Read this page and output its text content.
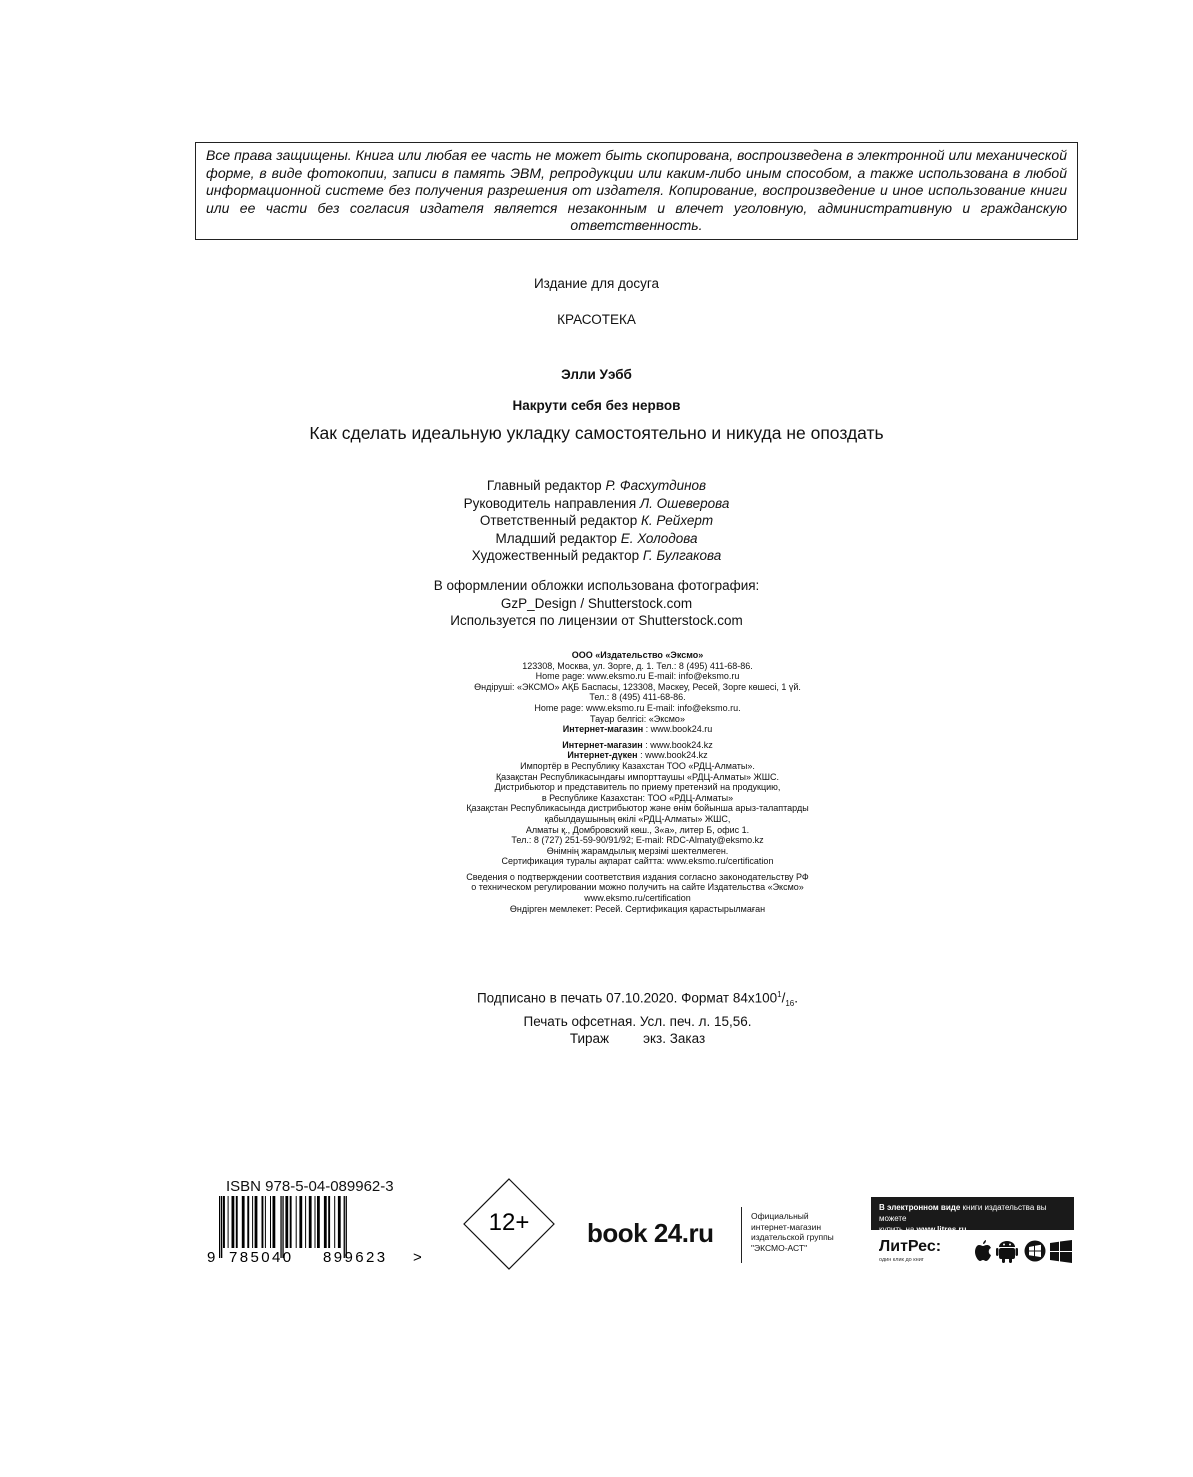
Все права защищены. Книга или любая ее часть не может быть скопирована, воспроизведена в электронной или механической форме, в виде фотокопии, записи в память ЭВМ, репродукции или каким-либо иным способом, а также использована в любой информационной системе без получения разрешения от издателя. Копирование, воспроизведение и иное использование книги или ее части без согласия издателя является незаконным и влечет уголовную, административную и гражданскую ответственность.

Издание для досуга
КРАСОТЕКА
Элли Уэбб
Накрути себя без нервов
Как сделать идеальную укладку самостоятельно и никуда не опоздать
Главный редактор Р. Фасхутдинов
Руководитель направления Л. Ошеверова
Ответственный редактор К. Рейхерт
Младший редактор Е. Холодова
Художественный редактор Г. Булгакова
В оформлении обложки использована фотография:
GzP_Design / Shutterstock.com
Используется по лицензии от Shutterstock.com
ООО «Издательство «Эксмо»
123308, Москва, ул. Зорге, д. 1. Тел.: 8 (495) 411-68-86.
Home page: www.eksmo.ru E-mail: info@eksmo.ru
Өндіруші: «ЭКСМО» АҚБ Баспасы, 123308, Мәскеу, Ресей, Зорге көшесі, 1 үй.
Тел.: 8 (495) 411-68-86.
Home page: www.eksmo.ru E-mail: info@eksmo.ru.
Тауар белгісі: «Эксмо»
Интернет-магазин : www.book24.ru
Интернет-магазин : www.book24.kz
Интернет-дүкен : www.book24.kz
Импортёр в Республику Казахстан ТОО «РДЦ-Алматы».
Қазақстан Республикасындағы импорттаушы «РДЦ-Алматы» ЖШС.
Дистрибьютор и представитель по приему претензий на продукцию,
в Республике Казахстан: ТОО «РДЦ-Алматы»
Қазақстан Республикасында дистрибьютор және өнім бойынша арыз-талаптарды
қабылдаушының өкілі «РДЦ-Алматы» ЖШС,
Алматы қ., Домбровский көш., 3«а», литер Б, офис 1.
Тел.: 8 (727) 251-59-90/91/92; E-mail: RDC-Almaty@eksmo.kz
Өнімнің жарамдылық мерзімі шектелмеген.
Сертификация туралы ақпарат сайтта: www.eksmo.ru/certification
Сведения о подтверждении соответствия издания согласно законодательству РФ
о техническом регулировании можно получить на сайте Издательства «Эксмо»
www.eksmo.ru/certification
Өндірген мемлекет: Ресей. Сертификация қарастырылмаған
Подписано в печать 07.10.2020. Формат $84х100^1/_{16}$.
Печать офсетная. Усл. печ. л. 15,56.
Тираж	экз. Заказ
ISBN 978-5-04-089962-3
9 785040 899623 >
12+ book 24.ru
Официальный
интернет-магазин
издательской группы
"ЭКСМО-АСТ"
В электронном виде книги издательства вы можете
купить на www.litres.ru
ЛитРес:
один клик до книг
